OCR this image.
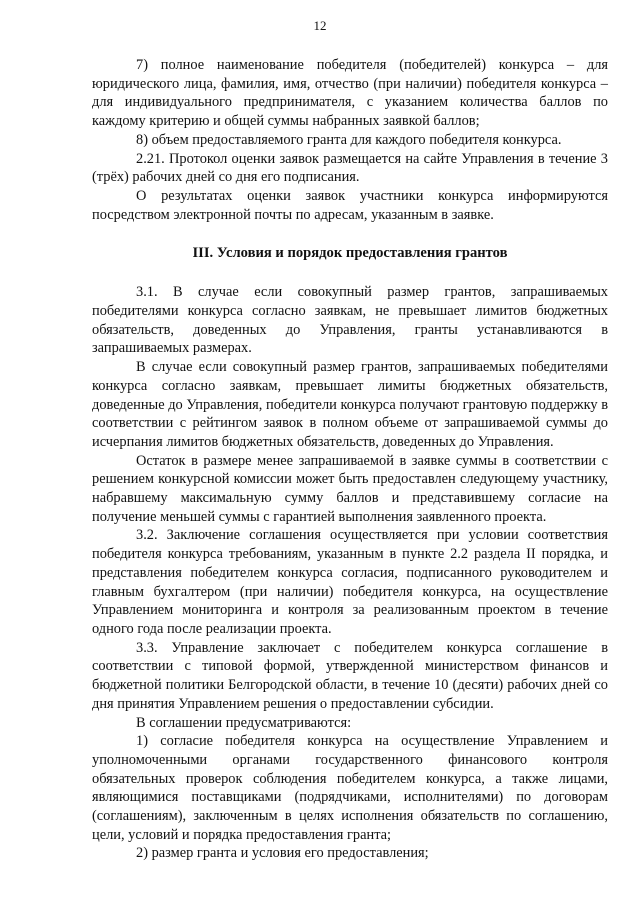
12

7) полное наименование победителя (победителей) конкурса – для юридического лица, фамилия, имя, отчество (при наличии) победителя конкурса – для индивидуального предпринимателя, с указанием количества баллов по каждому критерию и общей суммы набранных заявкой баллов;

8) объем предоставляемого гранта для каждого победителя конкурса.

2.21. Протокол оценки заявок размещается на сайте Управления в течение 3 (трёх) рабочих дней со дня его подписания.

О результатах оценки заявок участники конкурса информируются посредством электронной почты по адресам, указанным в заявке.

III. Условия и порядок предоставления грантов

3.1. В случае если совокупный размер грантов, запрашиваемых победителями конкурса согласно заявкам, не превышает лимитов бюджетных обязательств, доведенных до Управления, гранты устанавливаются в запрашиваемых размерах.

В случае если совокупный размер грантов, запрашиваемых победителями конкурса согласно заявкам, превышает лимиты бюджетных обязательств, доведенные до Управления, победители конкурса получают грантовую поддержку в соответствии с рейтингом заявок в полном объеме от запрашиваемой суммы до исчерпания лимитов бюджетных обязательств, доведенных до Управления.

Остаток в размере менее запрашиваемой в заявке суммы в соответствии с решением конкурсной комиссии может быть предоставлен следующему участнику, набравшему максимальную сумму баллов и представившему согласие на получение меньшей суммы с гарантией выполнения заявленного проекта.

3.2. Заключение соглашения осуществляется при условии соответствия победителя конкурса требованиям, указанным в пункте 2.2 раздела II порядка, и представления победителем конкурса согласия, подписанного руководителем и главным бухгалтером (при наличии) победителя конкурса, на осуществление Управлением мониторинга и контроля за реализованным проектом в течение одного года после реализации проекта.

3.3. Управление заключает с победителем конкурса соглашение в соответствии с типовой формой, утвержденной министерством финансов и бюджетной политики Белгородской области, в течение 10 (десяти) рабочих дней со дня принятия Управлением решения о предоставлении субсидии.

В соглашении предусматриваются:

1) согласие победителя конкурса на осуществление Управлением и уполномоченными органами государственного финансового контроля обязательных проверок соблюдения победителем конкурса, а также лицами, являющимися поставщиками (подрядчиками, исполнителями) по договорам (соглашениям), заключенным в целях исполнения обязательств по соглашению, цели, условий и порядка предоставления гранта;

2) размер гранта и условия его предоставления;
